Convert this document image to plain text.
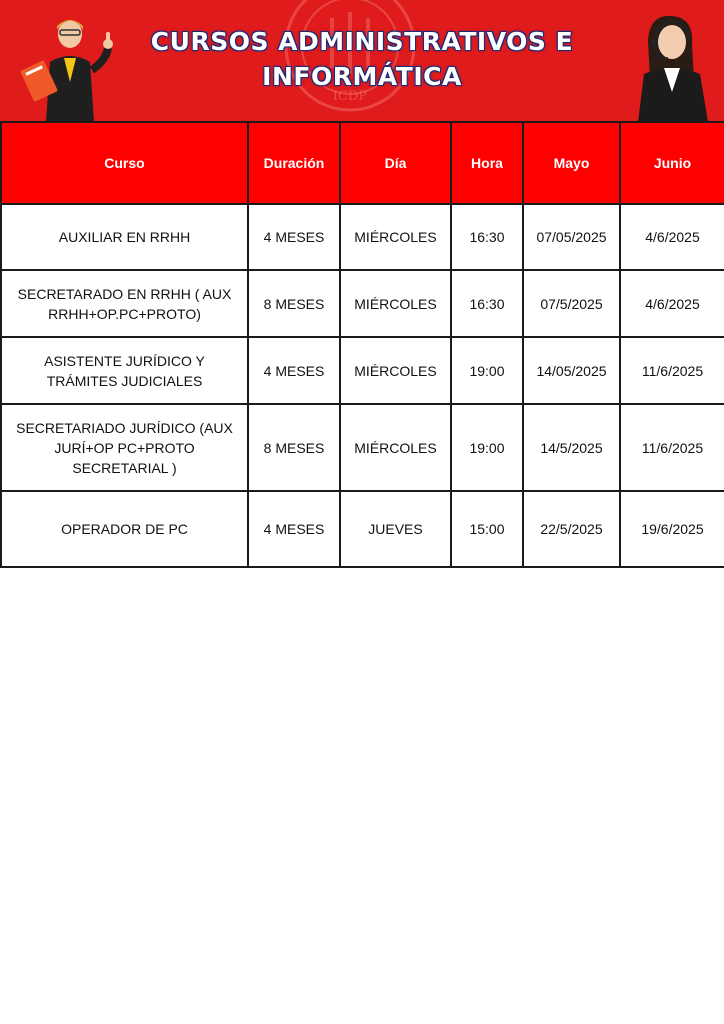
ICDP
CURSOS ADMINISTRATIVOS E
INFORMÁTICA
Curso	Duración	Día	Hora	Mayo	Junio
AUXILIAR EN RRHH	4 MESES	MIÉRCOLES	16:30	07/05/2025	4/6/2025
SECRETARADO EN RRHH ( AUX RRHH+OP.PC+PROTO)	8 MESES	MIÉRCOLES	16:30	07/5/2025	4/6/2025
ASISTENTE JURÍDICO Y TRÁMITES JUDICIALES	4 MESES	MIÉRCOLES	19:00	14/05/2025	11/6/2025
SECRETARIADO JURÍDICO (AUX JURÍ+OP PC+PROTO SECRETARIAL )	8 MESES	MIÉRCOLES	19:00	14/5/2025	11/6/2025
OPERADOR DE PC	4 MESES	JUEVES	15:00	22/5/2025	19/6/2025
